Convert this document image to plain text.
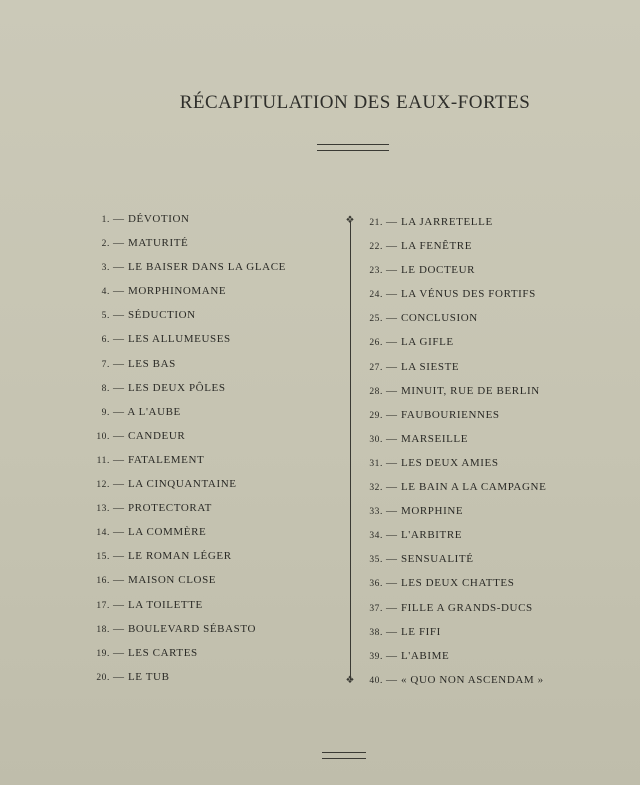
RÉCAPITULATION DES EAUX-FORTES
1. — DÉVOTION
2. — MATURITÉ
3. — LE BAISER DANS LA GLACE
4. — MORPHINOMANE
5. — SÉDUCTION
6. — LES ALLUMEUSES
7. — LES BAS
8. — LES DEUX PÔLES
9. — A L'AUBE
10. — CANDEUR
11. — FATALEMENT
12. — LA CINQUANTAINE
13. — PROTECTORAT
14. — LA COMMÈRE
15. — LE ROMAN LÉGER
16. — MAISON CLOSE
17. — LA TOILETTE
18. — BOULEVARD SÉBASTO
19. — LES CARTES
20. — LE TUB
❖
❖
21. — LA JARRETELLE
22. — LA FENÊTRE
23. — LE DOCTEUR
24. — LA VÉNUS DES FORTIFS
25. — CONCLUSION
26. — LA GIFLE
27. — LA SIESTE
28. — MINUIT, RUE DE BERLIN
29. — FAUBOURIENNES
30. — MARSEILLE
31. — LES DEUX AMIES
32. — LE BAIN A LA CAMPAGNE
33. — MORPHINE
34. — L'ARBITRE
35. — SENSUALITÉ
36. — LES DEUX CHATTES
37. — FILLE A GRANDS-DUCS
38. — LE FIFI
39. — L'ABIME
40. — « QUO NON ASCENDAM »
